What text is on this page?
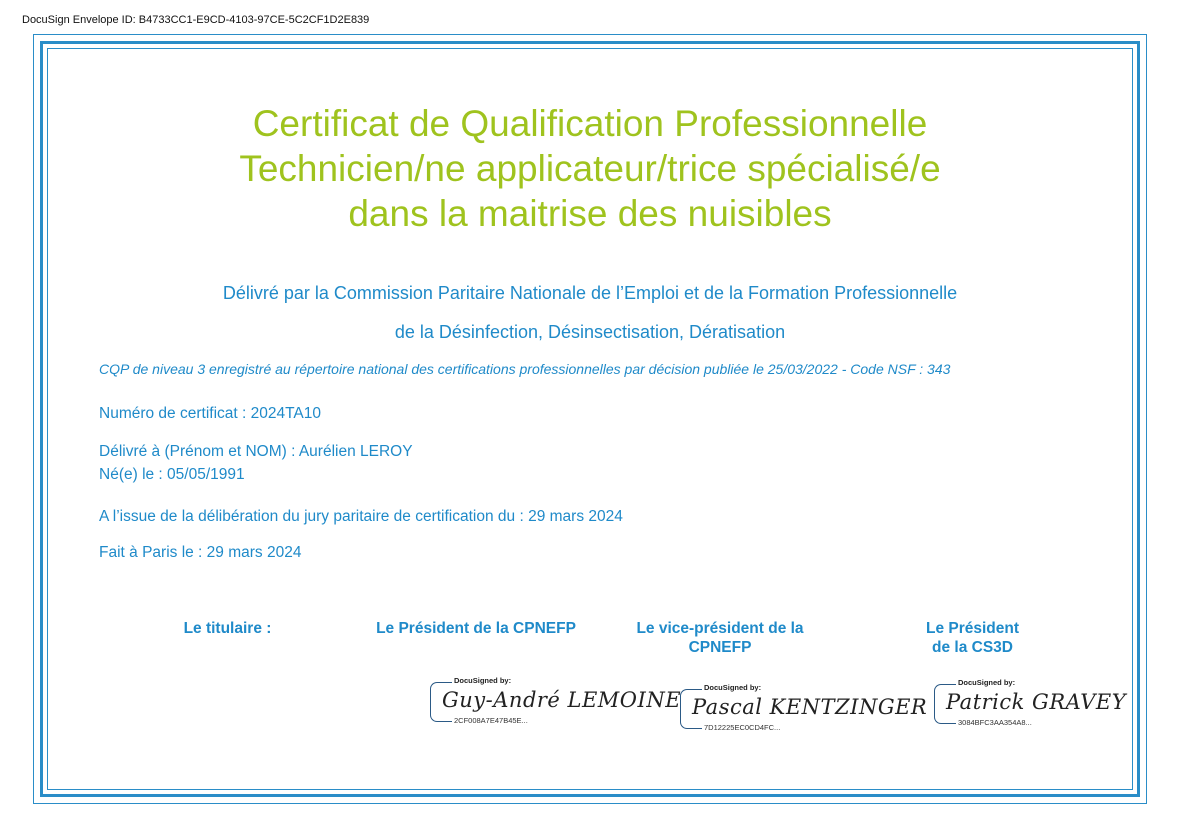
DocuSign Envelope ID: B4733CC1-E9CD-4103-97CE-5C2CF1D2E839
Certificat de Qualification Professionnelle
Technicien/ne applicateur/trice spécialisé/e
dans la maitrise des nuisibles
Délivré par la Commission Paritaire Nationale de l’Emploi et de la Formation Professionnelle
de la Désinfection, Désinsectisation, Dératisation
CQP de niveau 3 enregistré au répertoire national des certifications professionnelles par décision publiée le 25/03/2022 - Code NSF : 343
Numéro de certificat : 2024TA10
Délivré à (Prénom et NOM) : Aurélien LEROY
Né(e) le : 05/05/1991
A l’issue de la délibération du jury paritaire de certification du : 29 mars 2024
Fait à Paris le : 29 mars 2024
Le titulaire :	Le Président de la CPNEFP	Le vice-président de la
CPNEFP
Le Président
de la CS3D
DocuSigned by:
Guy-André LEMOINE
2CF008A7E47B45E...
DocuSigned by:
Pascal KENTZINGER
7D12225EC0CD4FC...
DocuSigned by:
Patrick GRAVEY
3084BFC3AA354A8...
